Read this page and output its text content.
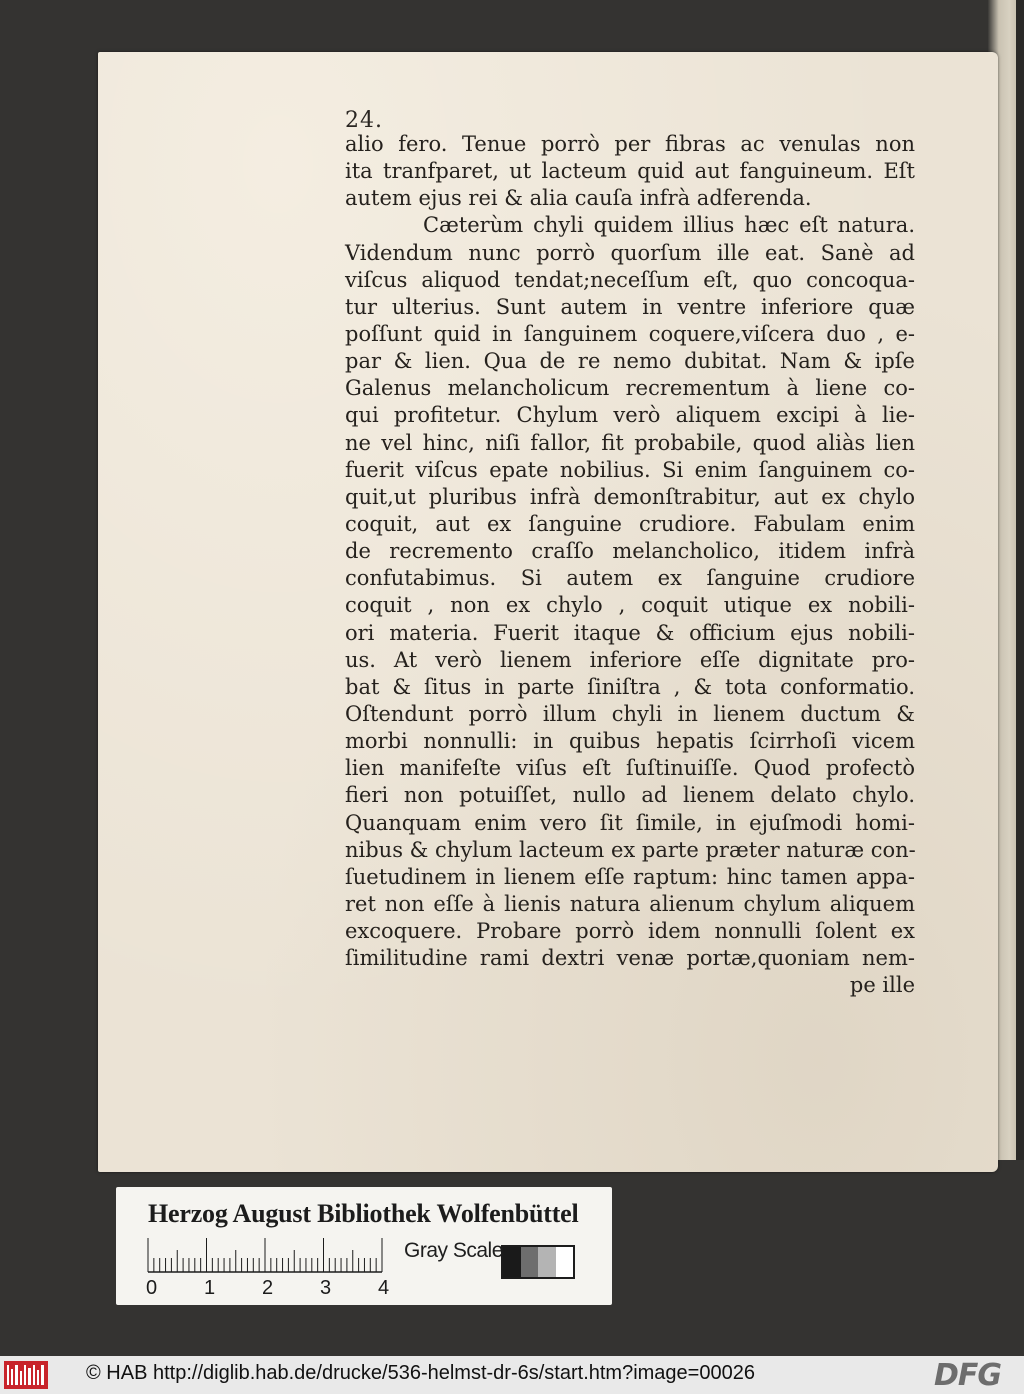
24.
alio fero. Tenue porrò per fibras ac venulas non
ita tranfparet, ut lacteum quid aut fanguineum. Eſt
autem ejus rei & alia cauſa infrà adferenda.
Cæterùm chyli quidem illius hæc eſt natura.
Videndum nunc porrò quorſum ille eat. Sanè ad
viſcus aliquod tendat;neceſſum eſt, quo concoqua-
tur ulterius. Sunt autem in ventre inferiore quæ
poſſunt quid in ſanguinem coquere,viſcera duo , e-
par & lien. Qua de re nemo dubitat. Nam & ipſe
Galenus melancholicum recrementum à liene co-
qui profitetur. Chylum verò aliquem excipi à lie-
ne vel hinc, niſi fallor, fit probabile, quod aliàs lien
fuerit viſcus epate nobilius. Si enim ſanguinem co-
quit,ut pluribus infrà demonſtrabitur, aut ex chylo
coquit, aut ex ſanguine crudiore. Fabulam enim
de recremento craſſo melancholico, itidem infrà
confutabimus. Si autem ex ſanguine crudiore
coquit , non ex chylo , coquit utique ex nobili-
ori materia. Fuerit itaque & officium ejus nobili-
us. At verò lienem inferiore eſſe dignitate pro-
bat & ſitus in parte ſiniſtra , & tota conformatio.
Oſtendunt porrò illum chyli in lienem ductum &
morbi nonnulli: in quibus hepatis ſcirrhoſi vicem
lien manifeſte viſus eſt ſuſtinuiſſe. Quod profectò
fieri non potuiſſet, nullo ad lienem delato chylo.
Quanquam enim vero ſit ſimile, in ejuſmodi homi-
nibus & chylum lacteum ex parte præter naturæ con-
ſuetudinem in lienem eſſe raptum: hinc tamen appa-
ret non eſſe à lienis natura alienum chylum aliquem
excoquere. Probare porrò idem nonnulli ſolent ex
ſimilitudine rami dextri venæ portæ,quoniam nem-
pe ille
Herzog August Bibliothek Wolfenbüttel
Gray Scale
0 1 2 3 4
© HAB http://diglib.hab.de/drucke/536-helmst-dr-6s/start.htm?image=00026	DFG
